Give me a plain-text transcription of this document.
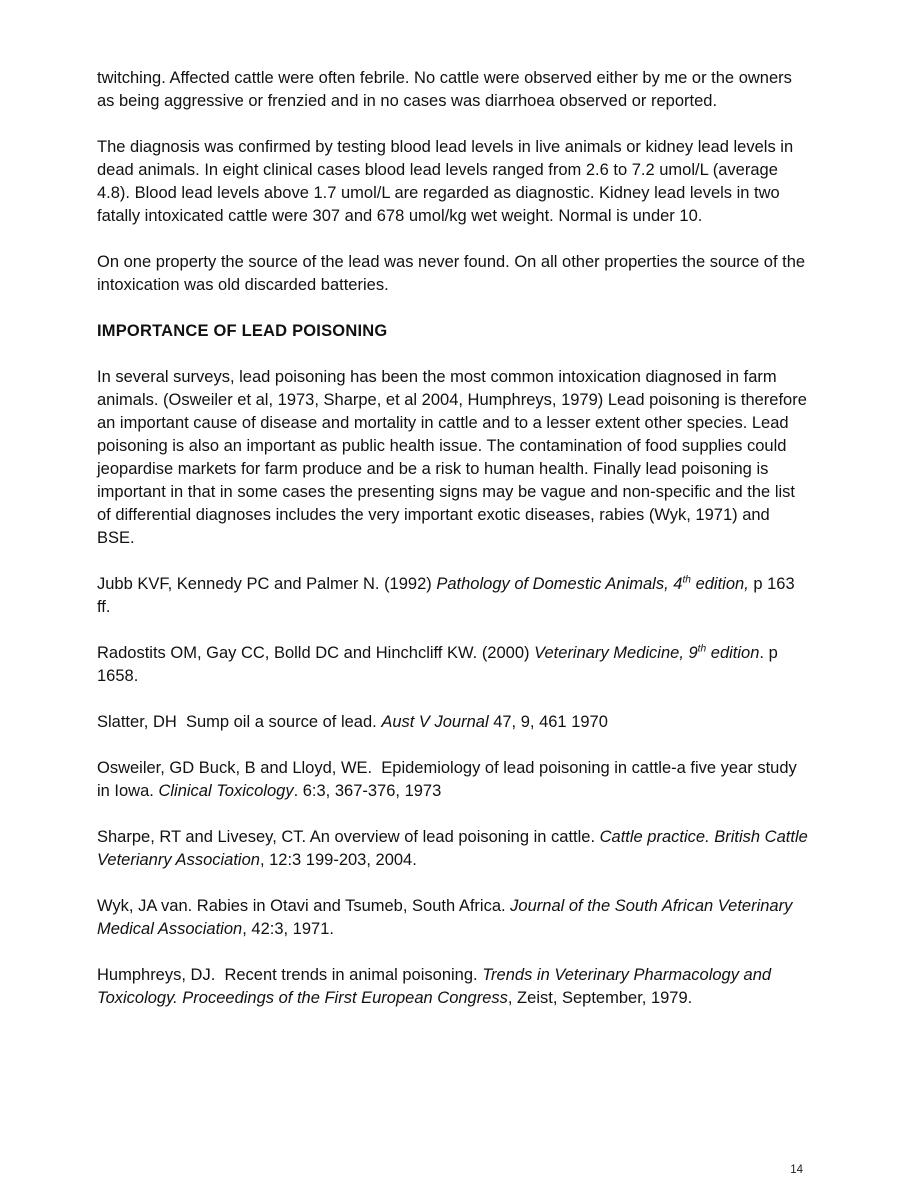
twitching. Affected cattle were often febrile. No cattle were observed either by me or the owners as being aggressive or frenzied and in no cases was diarrhoea observed or reported.

The diagnosis was confirmed by testing blood lead levels in live animals or kidney lead levels in dead animals. In eight clinical cases blood lead levels ranged from 2.6 to 7.2 umol/L (average 4.8). Blood lead levels above 1.7 umol/L are regarded as diagnostic. Kidney lead levels in two fatally intoxicated cattle were 307 and 678 umol/kg wet weight. Normal is under 10.

On one property the source of the lead was never found. On all other properties the source of the intoxication was old discarded batteries.

IMPORTANCE OF LEAD POISONING

In several surveys, lead poisoning has been the most common intoxication diagnosed in farm animals. (Osweiler et al, 1973, Sharpe, et al 2004, Humphreys, 1979) Lead poisoning is therefore an important cause of disease and mortality in cattle and to a lesser extent other species. Lead poisoning is also an important as public health issue. The contamination of food supplies could jeopardise markets for farm produce and be a risk to human health. Finally lead poisoning is important in that in some cases the presenting signs may be vague and non-specific and the list of differential diagnoses includes the very important exotic diseases, rabies (Wyk, 1971) and BSE.

Jubb KVF, Kennedy PC and Palmer N. (1992) Pathology of Domestic Animals, 4th edition, p 163 ff.

Radostits OM, Gay CC, Bolld DC and Hinchcliff KW. (2000) Veterinary Medicine, 9th edition. p 1658.

Slatter, DH  Sump oil a source of lead. Aust V Journal 47, 9, 461 1970

Osweiler, GD Buck, B and Lloyd, WE.  Epidemiology of lead poisoning in cattle-a five year study in Iowa. Clinical Toxicology. 6:3, 367-376, 1973

Sharpe, RT and Livesey, CT. An overview of lead poisoning in cattle. Cattle practice. British Cattle Veterianry Association, 12:3 199-203, 2004.

Wyk, JA van. Rabies in Otavi and Tsumeb, South Africa. Journal of the South African Veterinary Medical Association, 42:3, 1971.

Humphreys, DJ.  Recent trends in animal poisoning. Trends in Veterinary Pharmacology and Toxicology. Proceedings of the First European Congress, Zeist, September, 1979.

14
